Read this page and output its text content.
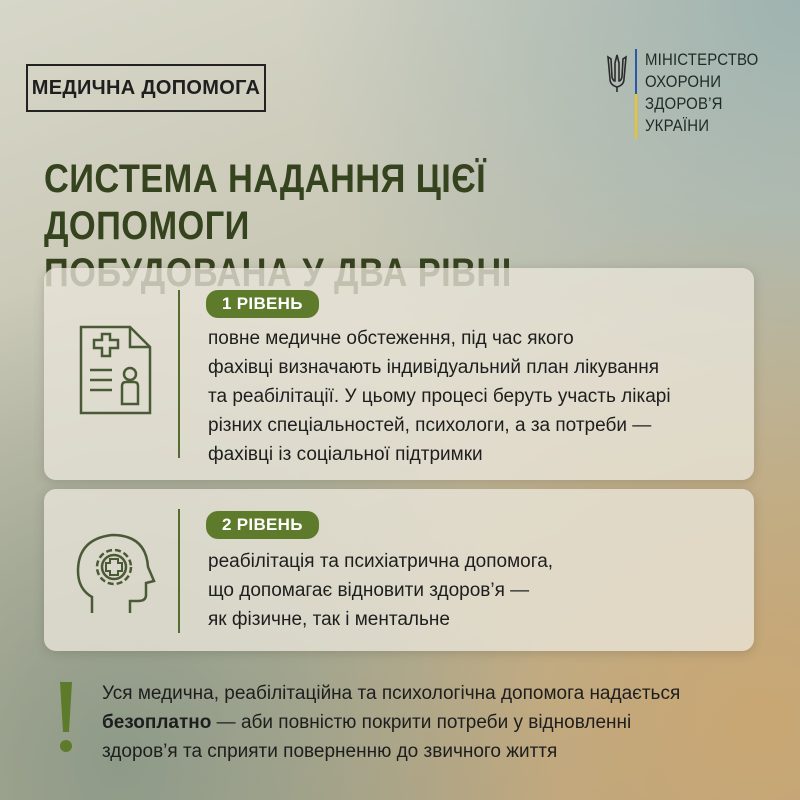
МЕДИЧНА ДОПОМОГА
МІНІСТЕРСТВО
ОХОРОНИ
ЗДОРОВ’Я
УКРАЇНИ
СИСТЕМА НАДАННЯ ЦІЄЇ ДОПОМОГИ
1 РІВЕНЬ
повне медичне обстеження, під час якого
фахівці визначають індивідуальний план лікування
та реабілітації. У цьому процесі беруть участь лікарі
різних спеціальностей, психологи, а за потреби —
фахівці із соціальної підтримки
2 РІВЕНЬ
реабілітація та психіатрична допомога,
що допомагає відновити здоров’я —
як фізичне, так і ментальне
Уся медична, реабілітаційна та психологічна допомога надається
безоплатно — аби повністю покрити потреби у відновленні
здоров’я та сприяти поверненню до звичного життя
